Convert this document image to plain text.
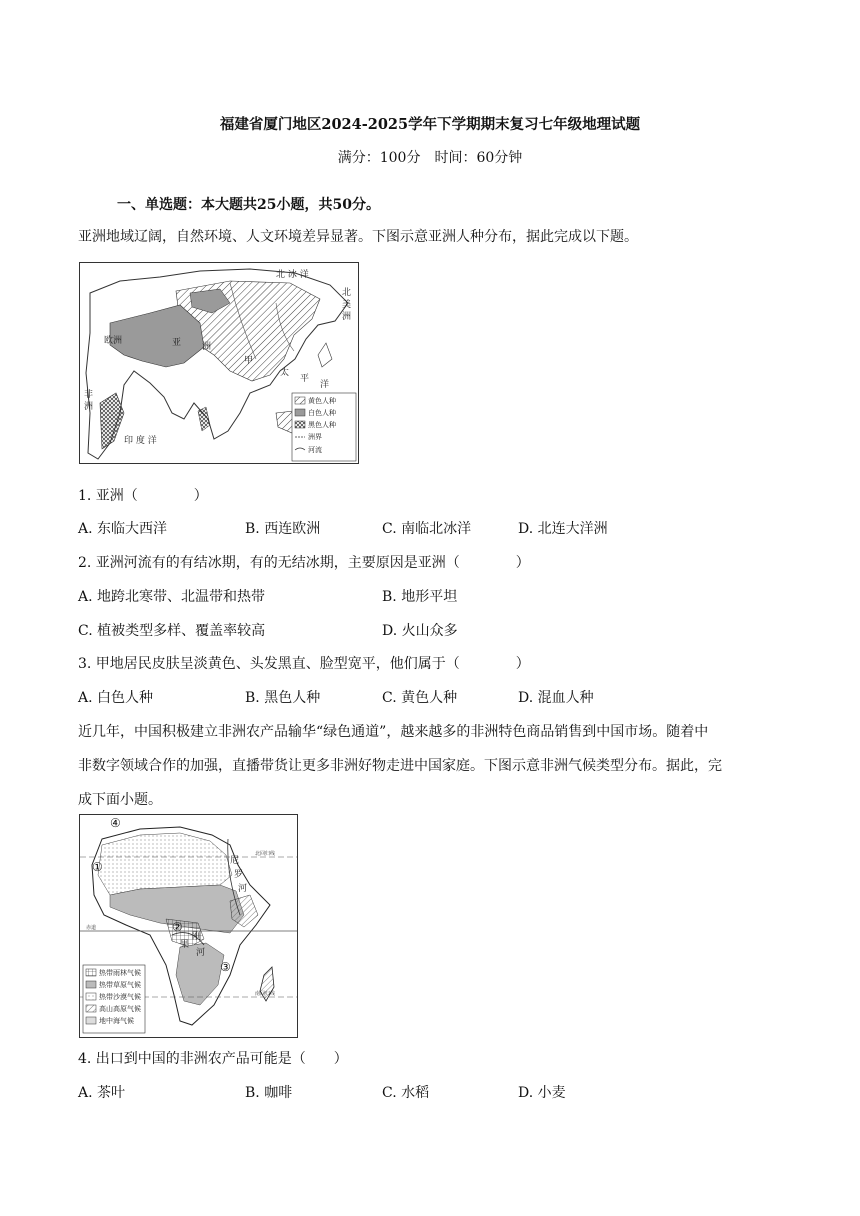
福建省厦门地区2024-2025学年下学期期末复习七年级地理试题
满分：100分　时间：60分钟
一、单选题：本大题共25小题，共50分。
亚洲地域辽阔，自然环境、人文环境差异显著。下图示意亚洲人种分布，据此完成以下题。
北 冰 洋
欧洲	亚 洲
太
平
洋
印 度 洋
非
洲
北
美
洲
甲
黄色人种
白色人种
黑色人种
洲界
河流
1. 亚洲（　　　　）
A. 东临大西洋	B. 西连欧洲	C. 南临北冰洋	D. 北连大洋洲
2. 亚洲河流有的有结冰期，有的无结冰期，主要原因是亚洲（　　　　）
A. 地跨北寒带、北温带和热带	B. 地形平坦
C. 植被类型多样、覆盖率较高	D. 火山众多
3. 甲地居民皮肤呈淡黄色、头发黑直、脸型宽平，他们属于（　　　　）
A. 白色人种	B. 黑色人种	C. 黄色人种	D. 混血人种
近几年，中国积极建立非洲农产品输华“绿色通道”，越来越多的非洲特色商品销售到中国市场。随着中
非数字领域合作的加强，直播带货让更多非洲好物走进中国家庭。下图示意非洲气候类型分布。据此，完
成下面小题。
北回归线
赤道
南回归线
尼
罗
河
刚
果
河
①
②
③
④
热带雨林气候
热带草原气候
热带沙漠气候
高山高原气候
地中海气候
4. 出口到中国的非洲农产品可能是（　　）
A. 茶叶	B. 咖啡	C. 水稻	D. 小麦
